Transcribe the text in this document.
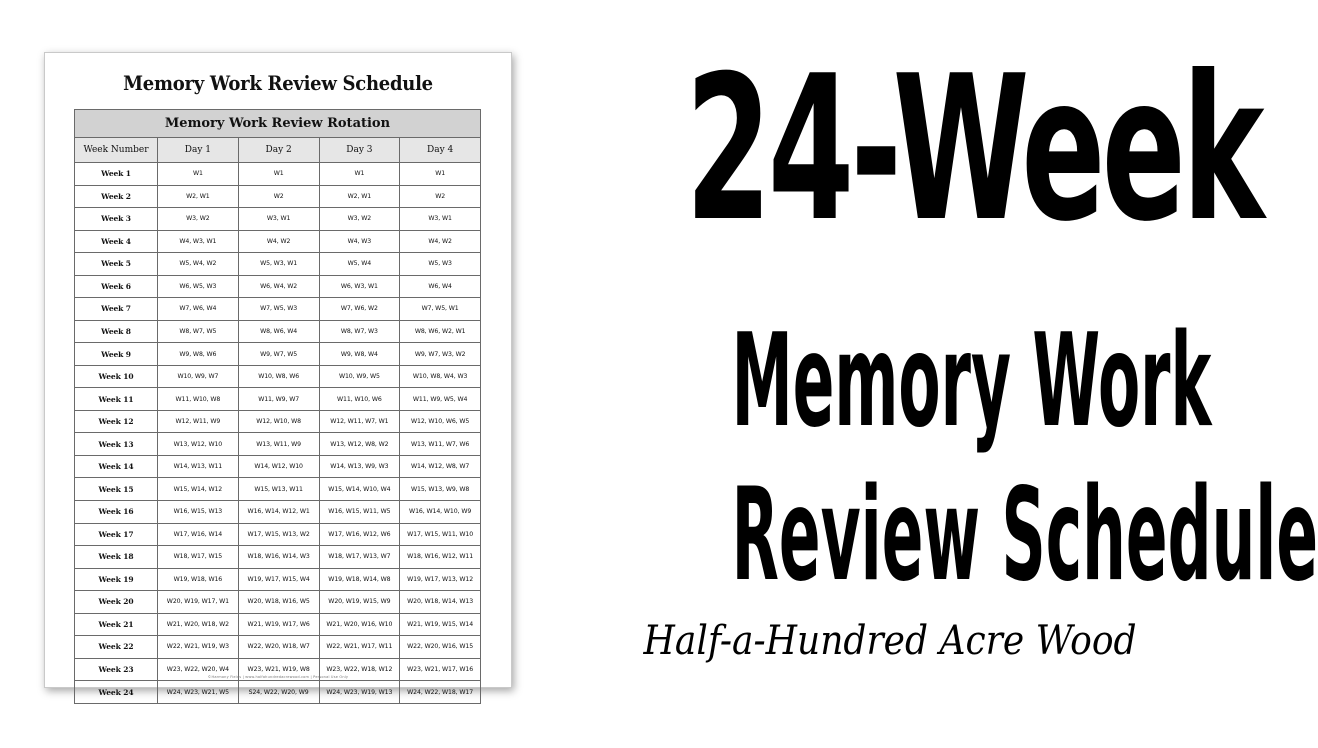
Memory Work Review Schedule
Memory Work Review Rotation				
Week Number	Day 1	Day 2	Day 3	Day 4
Week 1	W1	W1	W1	W1
Week 2	W2, W1	W2	W2, W1	W2
Week 3	W3, W2	W3, W1	W3, W2	W3, W1
Week 4	W4, W3, W1	W4, W2	W4, W3	W4, W2
Week 5	W5, W4, W2	W5, W3, W1	W5, W4	W5, W3
Week 6	W6, W5, W3	W6, W4, W2	W6, W3, W1	W6, W4
Week 7	W7, W6, W4	W7, W5, W3	W7, W6, W2	W7, W5, W1
Week 8	W8, W7, W5	W8, W6, W4	W8, W7, W3	W8, W6, W2, W1
Week 9	W9, W8, W6	W9, W7, W5	W9, W8, W4	W9, W7, W3, W2
Week 10	W10, W9, W7	W10, W8, W6	W10, W9, W5	W10, W8, W4, W3
Week 11	W11, W10, W8	W11, W9, W7	W11, W10, W6	W11, W9, W5, W4
Week 12	W12, W11, W9	W12, W10, W8	W12, W11, W7, W1	W12, W10, W6, W5
Week 13	W13, W12, W10	W13, W11, W9	W13, W12, W8, W2	W13, W11, W7, W6
Week 14	W14, W13, W11	W14, W12, W10	W14, W13, W9, W3	W14, W12, W8, W7
Week 15	W15, W14, W12	W15, W13, W11	W15, W14, W10, W4	W15, W13, W9, W8
Week 16	W16, W15, W13	W16, W14, W12, W1	W16, W15, W11, W5	W16, W14, W10, W9
Week 17	W17, W16, W14	W17, W15, W13, W2	W17, W16, W12, W6	W17, W15, W11, W10
Week 18	W18, W17, W15	W18, W16, W14, W3	W18, W17, W13, W7	W18, W16, W12, W11
Week 19	W19, W18, W16	W19, W17, W15, W4	W19, W18, W14, W8	W19, W17, W13, W12
Week 20	W20, W19, W17, W1	W20, W18, W16, W5	W20, W19, W15, W9	W20, W18, W14, W13
Week 21	W21, W20, W18, W2	W21, W19, W17, W6	W21, W20, W16, W10	W21, W19, W15, W14
Week 22	W22, W21, W19, W3	W22, W20, W18, W7	W22, W21, W17, W11	W22, W20, W16, W15
Week 23	W23, W22, W20, W4	W23, W21, W19, W8	W23, W22, W18, W12	W23, W21, W17, W16
Week 24	W24, W23, W21, W5	S24, W22, W20, W9	W24, W23, W19, W13	W24, W22, W18, W17
©Harmony Fields | www.halfahundredacrewood.com | Personal Use Only
24-Week
Memory Work
Review Schedule
Half-a-Hundred Acre Wood
